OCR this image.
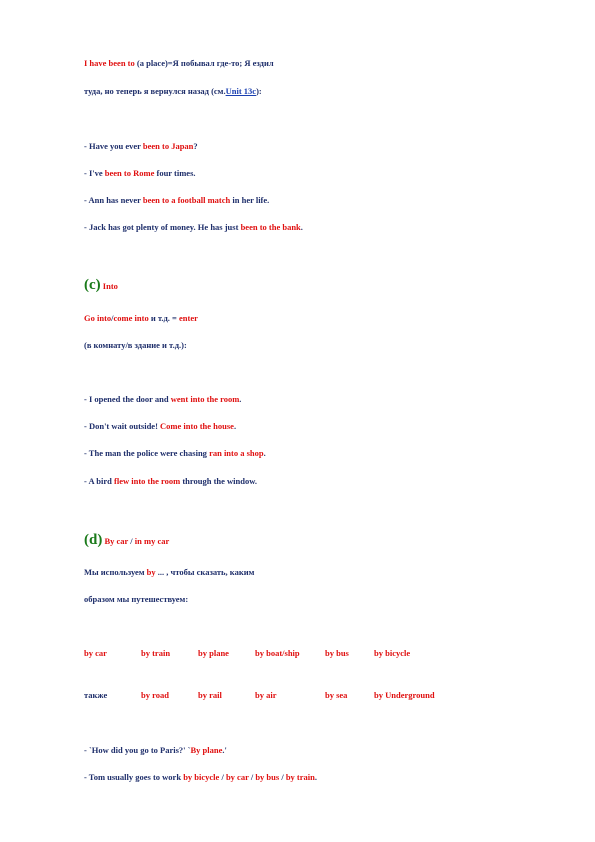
I have been to (a place)=Я побывал где-то; Я ездил
туда, но теперь я вернулся назад (см.Unit 13c):
- Have you ever been to Japan?
- I've been to Rome four times.
- Ann has never been to a football match in her life.
- Jack has got plenty of money. He has just been to the bank.
(c) Into
Go into/come into и т.д. = enter
(в комнату/в здание и т.д.):
- I opened the door and went into the room.
- Don't wait outside! Come into the house.
- The man the police were chasing ran into a shop.
- A bird flew into the room through the window.
(d) By car / in my car
Мы используем by ... , чтобы сказать, каким
образом мы путешествуем:
by car	by train	by plane	by boat/ship	by bus	by bicycle
также	by road	by rail	by air	by sea	by Underground
- `How did you go to Paris?' `By plane.'
- Tom usually goes to work by bicycle / by car / by bus / by train.
